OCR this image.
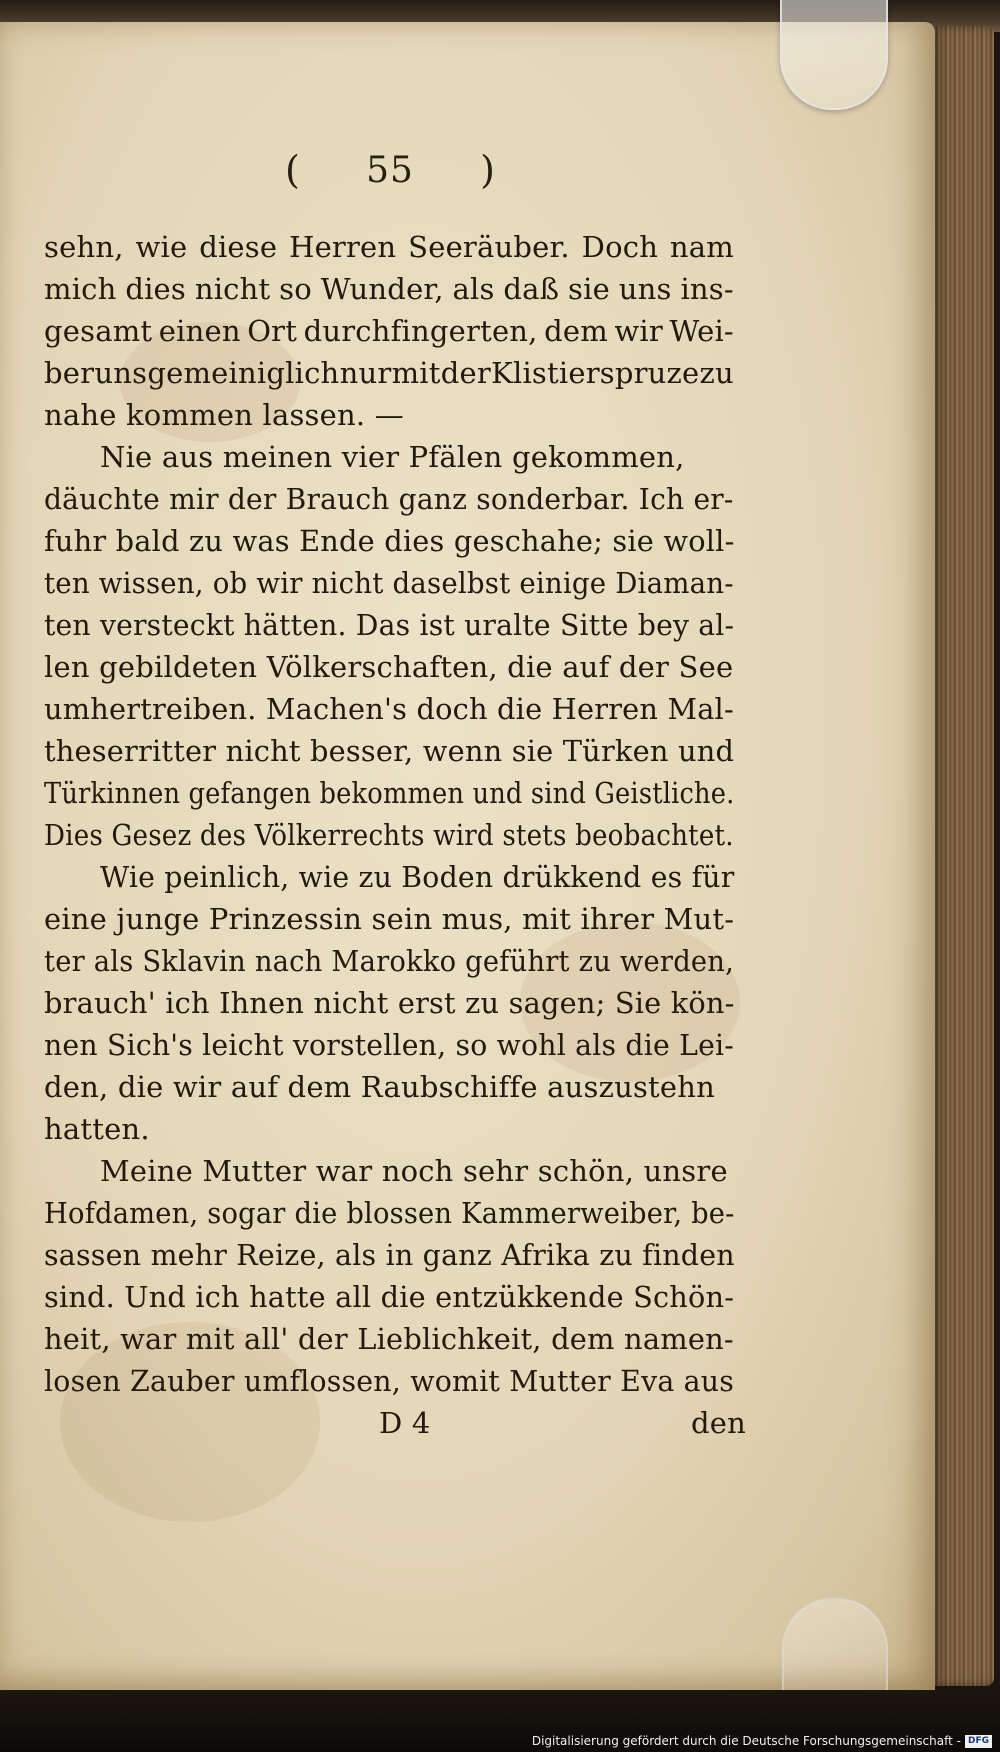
( 55 )
sehn, wie diese Herren Seeräuber. Doch nam
mich dies nicht so Wunder, als daß sie uns ins-
gesamt einen Ort durchfingerten, dem wir Wei-
ber uns gemeiniglich nur mit der Klistierspruze zu
nahe kommen lassen. —
Nie aus meinen vier Pfälen gekommen,
däuchte mir der Brauch ganz sonderbar. Ich er-
fuhr bald zu was Ende dies geschahe; sie woll-
ten wissen, ob wir nicht daselbst einige Diaman-
ten versteckt hätten. Das ist uralte Sitte bey al-
len gebildeten Völkerschaften, die auf der See
umhertreiben. Machen's doch die Herren Mal-
theserritter nicht besser, wenn sie Türken und
Türkinnen gefangen bekommen und sind Geistliche.
Dies Gesez des Völkerrechts wird stets beobachtet.
Wie peinlich, wie zu Boden drükkend es für
eine junge Prinzessin sein mus, mit ihrer Mut-
ter als Sklavin nach Marokko geführt zu werden,
brauch' ich Ihnen nicht erst zu sagen; Sie kön-
nen Sich's leicht vorstellen, so wohl als die Lei-
den, die wir auf dem Raubschiffe auszustehn
hatten.
Meine Mutter war noch sehr schön, unsre
Hofdamen, sogar die blossen Kammerweiber, be-
sassen mehr Reize, als in ganz Afrika zu finden
sind. Und ich hatte all die entzükkende Schön-
heit, war mit all' der Lieblichkeit, dem namen-
losen Zauber umflossen, womit Mutter Eva aus
D 4	den
Digitalisierung gefördert durch die Deutsche Forschungsgemeinschaft - DFG
